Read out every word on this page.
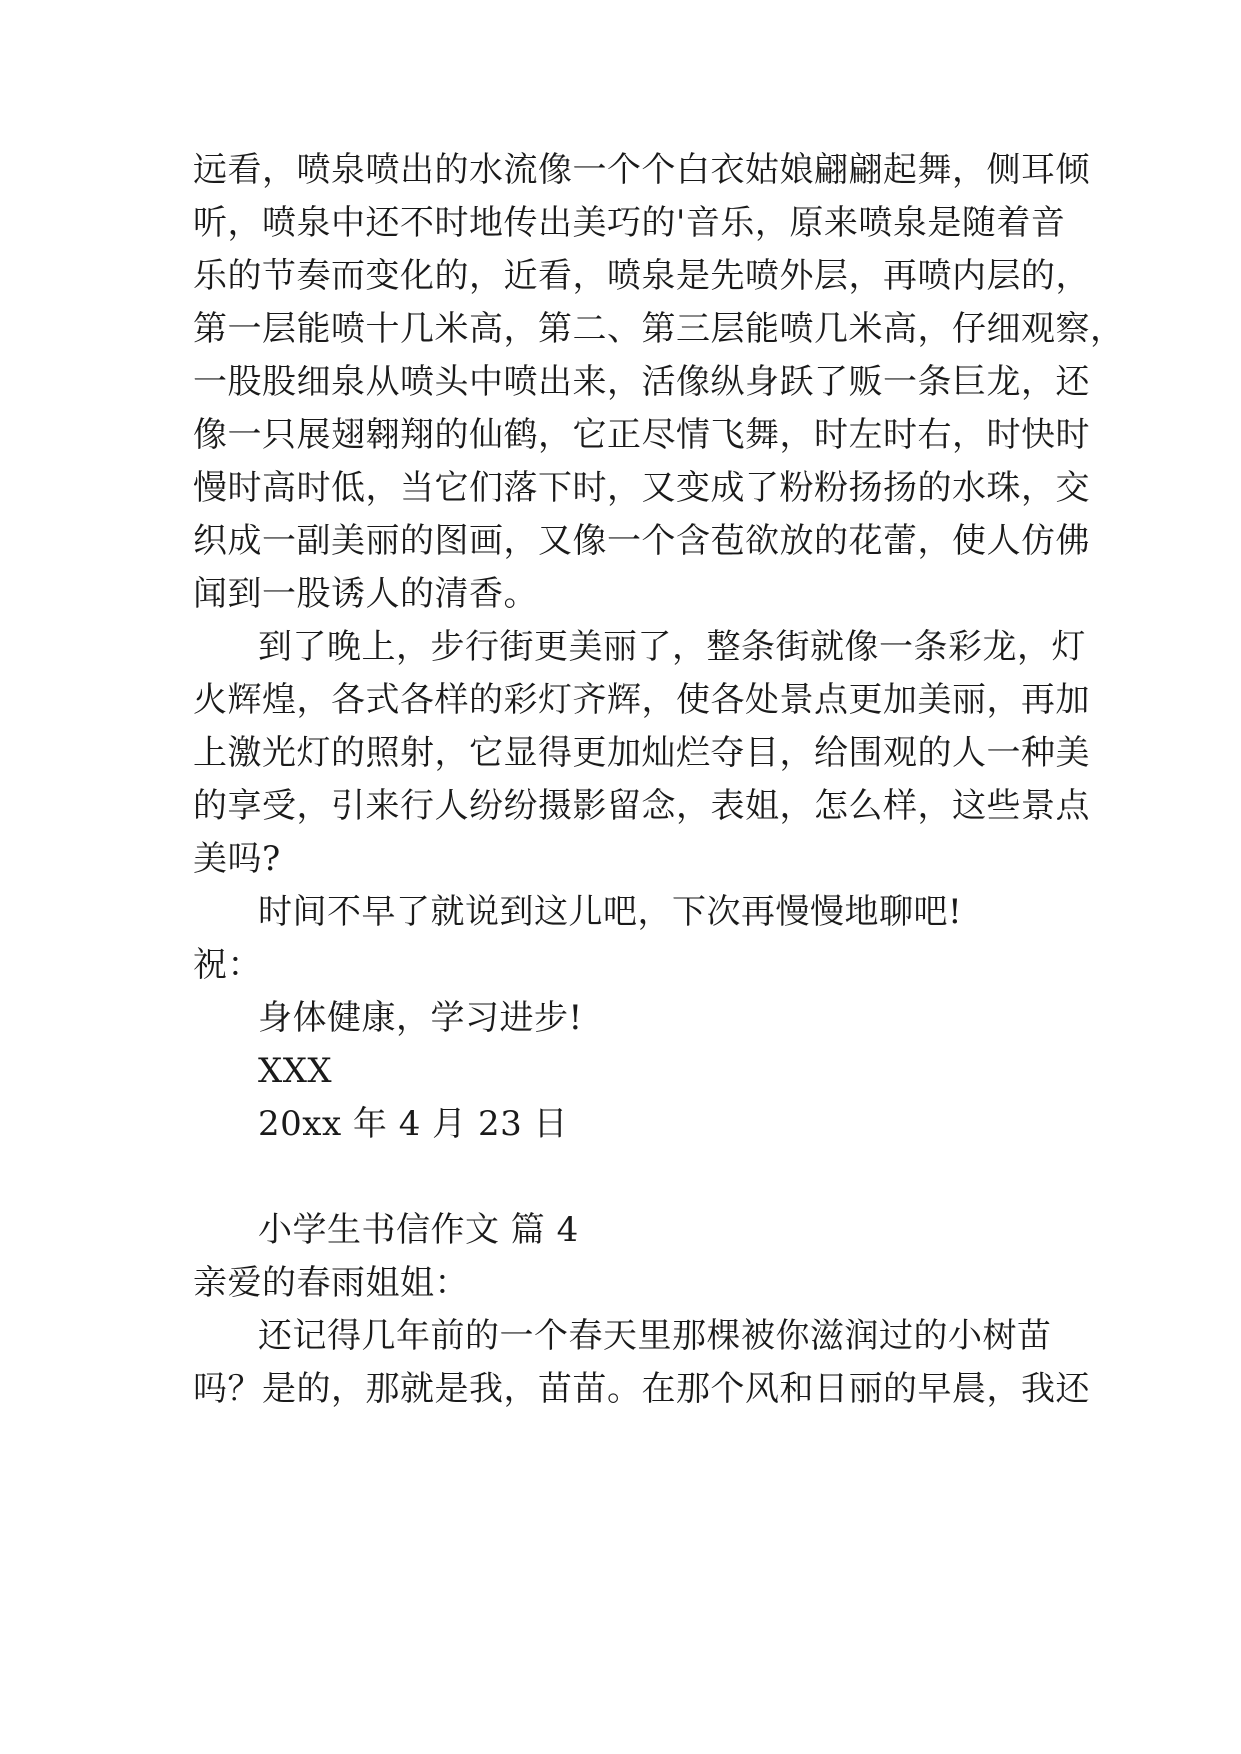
远看，喷泉喷出的水流像一个个白衣姑娘翩翩起舞，侧耳倾
听，喷泉中还不时地传出美巧的'音乐，原来喷泉是随着音
乐的节奏而变化的，近看，喷泉是先喷外层，再喷内层的，
第一层能喷十几米高，第二、第三层能喷几米高，仔细观察，
一股股细泉从喷头中喷出来，活像纵身跃了贩一条巨龙，还
像一只展翅翱翔的仙鹤，它正尽情飞舞，时左时右，时快时
慢时高时低，当它们落下时，又变成了粉粉扬扬的水珠，交
织成一副美丽的图画，又像一个含苞欲放的花蕾，使人仿佛
闻到一股诱人的清香。
到了晚上，步行街更美丽了，整条街就像一条彩龙，灯
火辉煌，各式各样的彩灯齐辉，使各处景点更加美丽，再加
上激光灯的照射，它显得更加灿烂夺目，给围观的人一种美
的享受，引来行人纷纷摄影留念，表姐，怎么样，这些景点
美吗?
时间不早了就说到这儿吧，下次再慢慢地聊吧!
祝：
身体健康，学习进步!
XXX
20xx 年 4 月 23 日
小学生书信作文 篇 4
亲爱的春雨姐姐：
还记得几年前的一个春天里那棵被你滋润过的小树苗
吗？是的，那就是我，苗苗。在那个风和日丽的早晨，我还
